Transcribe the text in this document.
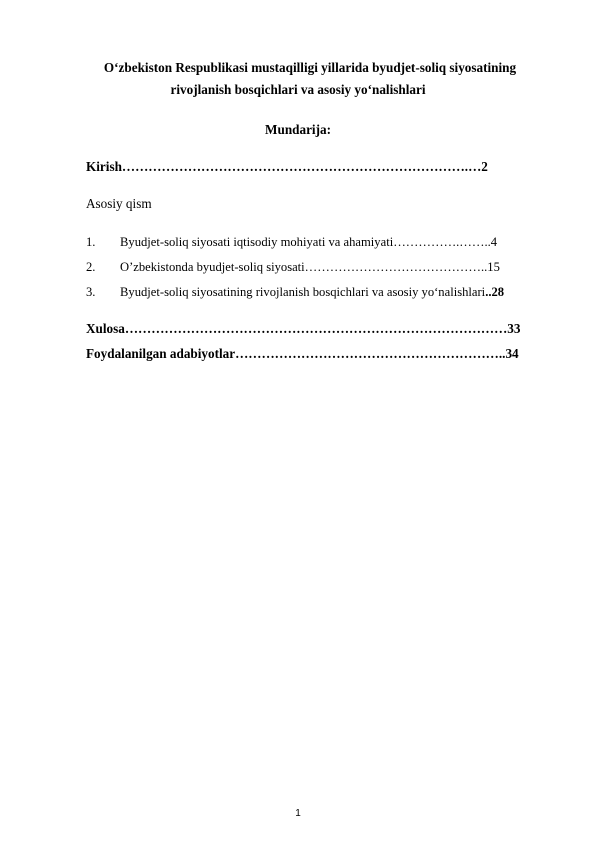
O‘zbekiston Respublikasi mustaqilligi yillarida byudjet-soliq siyosatining
rivojlanish bosqichlari va asosiy yo‘nalishlari
Mundarija:
Kirish…………………………………………………………………….…2
Asosiy qism
1. Byudjet-soliq siyosati iqtisodiy mohiyati va ahamiyati…………….……..4
2. O’zbekistonda byudjet-soliq siyosati……………………………………..15
3. Byudjet-soliq siyosatining rivojlanish bosqichlari va asosiy yo‘nalishlari..28
Xulosa……………………………………………………………………………33
Foydalanilgan adabiyotlar……………………………………………………..34
1
